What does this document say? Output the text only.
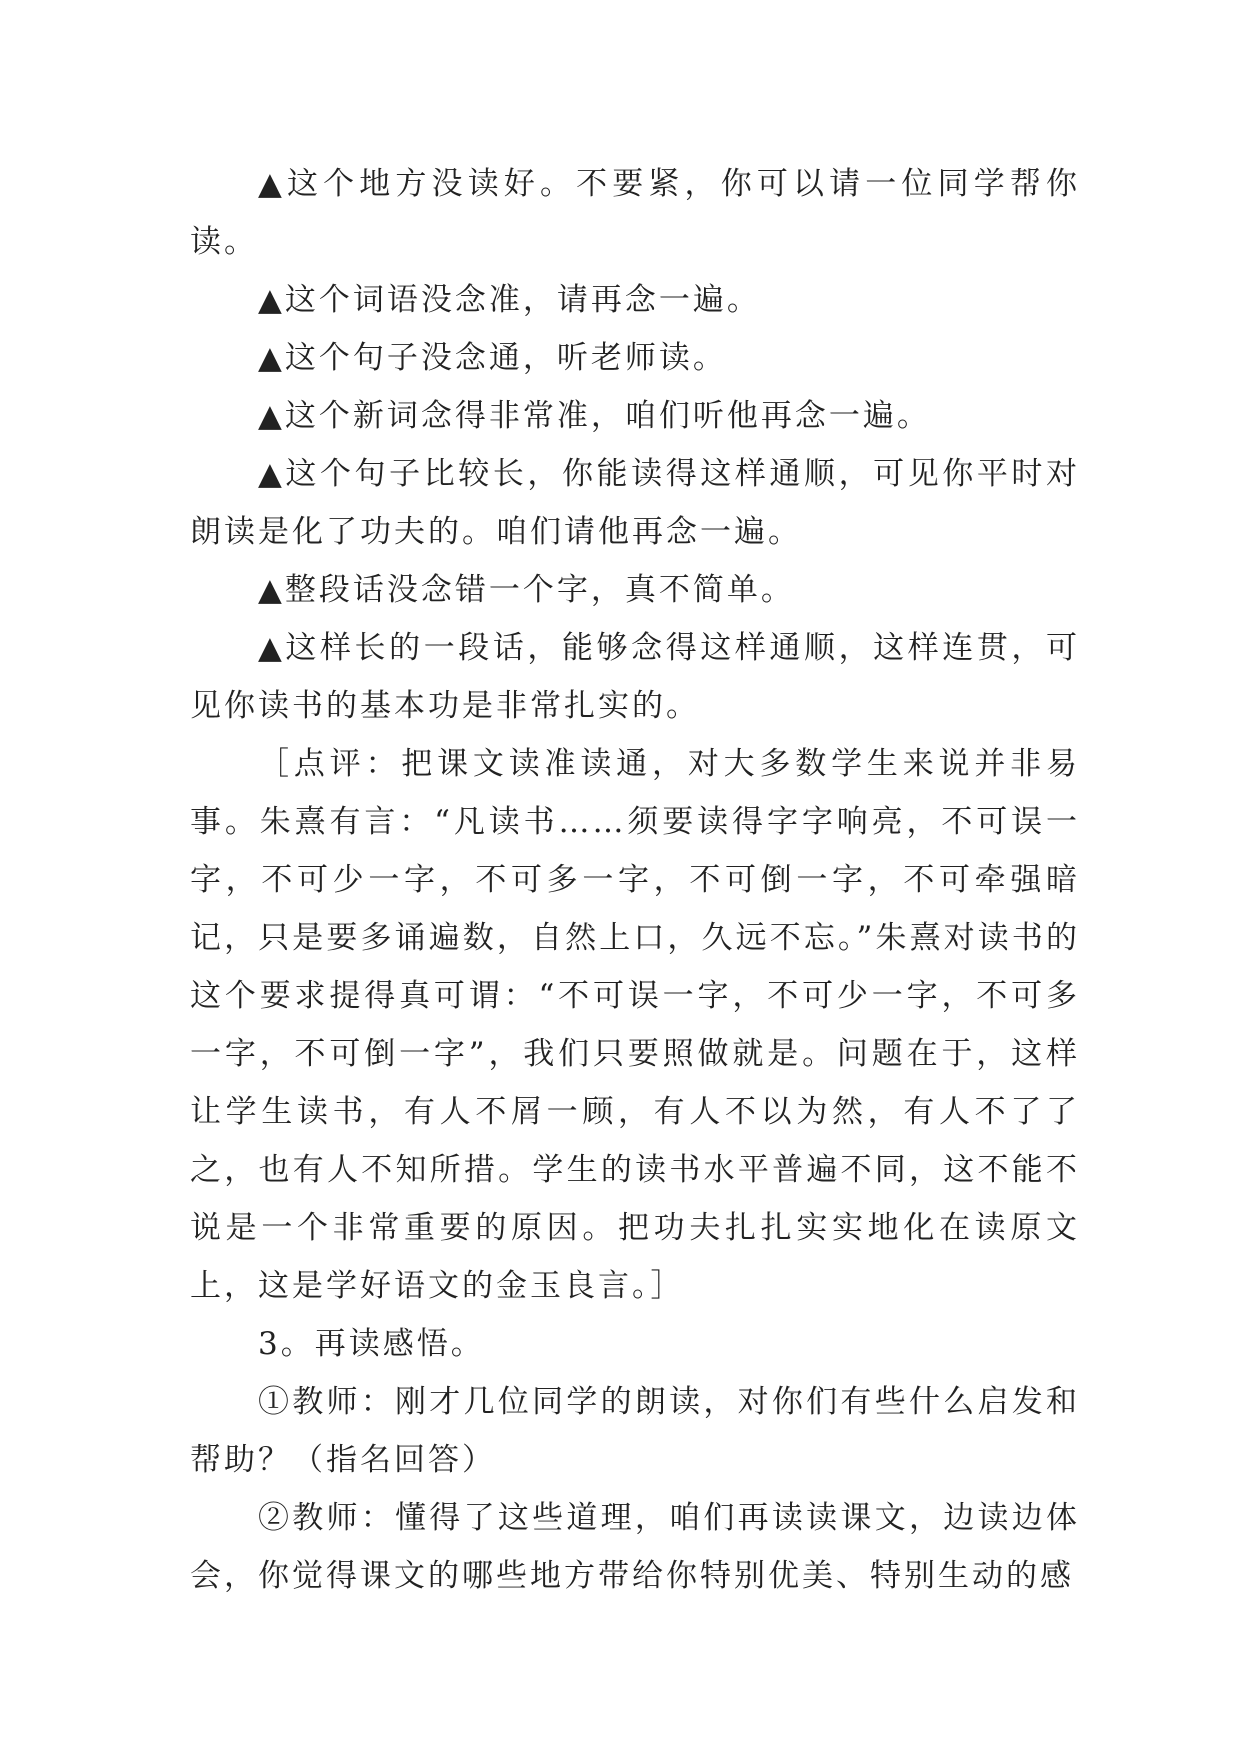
▲这个地方没读好。不要紧，你可以请一位同学帮你读。

▲这个词语没念准，请再念一遍。

▲这个句子没念通，听老师读。

▲这个新词念得非常准，咱们听他再念一遍。

▲这个句子比较长，你能读得这样通顺，可见你平时对朗读是化了功夫的。咱们请他再念一遍。

▲整段话没念错一个字，真不简单。

▲这样长的一段话，能够念得这样通顺，这样连贯，可见你读书的基本功是非常扎实的。

［点评：把课文读准读通，对大多数学生来说并非易事。朱熹有言：“凡读书……须要读得字字响亮，不可误一字，不可少一字，不可多一字，不可倒一字，不可牵强暗记，只是要多诵遍数，自然上口，久远不忘。”朱熹对读书的这个要求提得真可谓：“不可误一字，不可少一字，不可多一字，不可倒一字”，我们只要照做就是。问题在于，这样让学生读书，有人不屑一顾，有人不以为然，有人不了了之，也有人不知所措。学生的读书水平普遍不同，这不能不说是一个非常重要的原因。把功夫扎扎实实地化在读原文上，这是学好语文的金玉良言。］

3。再读感悟。

①教师：刚才几位同学的朗读，对你们有些什么启发和帮助？（指名回答）

②教师：懂得了这些道理，咱们再读读课文，边读边体会，你觉得课文的哪些地方带给你特别优美、特别生动的感
